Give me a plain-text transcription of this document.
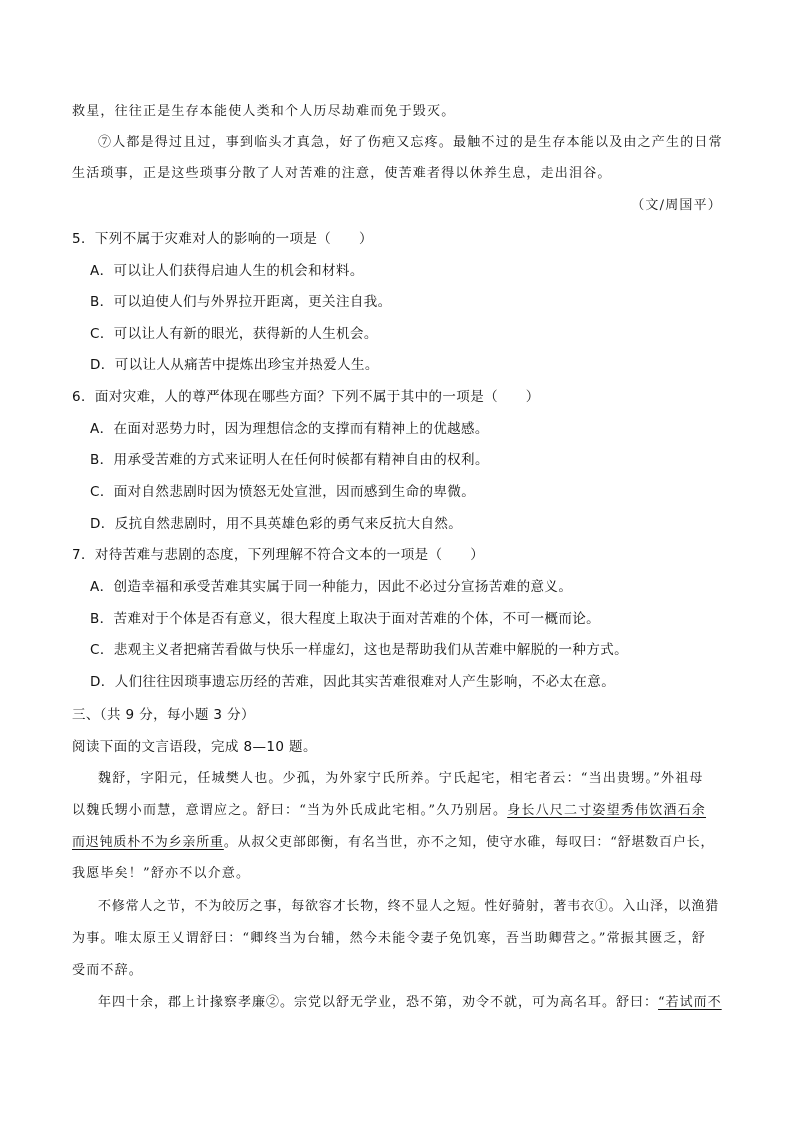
救星，往往正是生存本能使人类和个人历尽劫难而免于毁灭。
⑦人都是得过且过，事到临头才真急，好了伤疤又忘疼。最触不过的是生存本能以及由之产生的日常
生活琐事，正是这些琐事分散了人对苦难的注意，使苦难者得以休养生息，走出泪谷。
（文/周国平）
5．下列不属于灾难对人的影响的一项是（　　）
A．可以让人们获得启迪人生的机会和材料。
B．可以迫使人们与外界拉开距离，更关注自我。
C．可以让人有新的眼光，获得新的人生机会。
D．可以让人从痛苦中提炼出珍宝并热爱人生。
6．面对灾难，人的尊严体现在哪些方面？下列不属于其中的一项是（　　）
A．在面对恶势力时，因为理想信念的支撑而有精神上的优越感。
B．用承受苦难的方式来证明人在任何时候都有精神自由的权利。
C．面对自然悲剧时因为愤怒无处宣泄，因而感到生命的卑微。
D．反抗自然悲剧时，用不具英雄色彩的勇气来反抗大自然。
7．对待苦难与悲剧的态度，下列理解不符合文本的一项是（　　）
A．创造幸福和承受苦难其实属于同一种能力，因此不必过分宣扬苦难的意义。
B．苦难对于个体是否有意义，很大程度上取决于面对苦难的个体，不可一概而论。
C．悲观主义者把痛苦看做与快乐一样虚幻，这也是帮助我们从苦难中解脱的一种方式。
D．人们往往因琐事遗忘历经的苦难，因此其实苦难很难对人产生影响，不必太在意。
三、（共 9 分，每小题 3 分）
阅读下面的文言语段，完成 8—10 题。
魏舒，字阳元，任城樊人也。少孤，为外家宁氏所养。宁氏起宅，相宅者云：“当出贵甥。”外祖母
以魏氏甥小而慧，意谓应之。舒曰：“当为外氏成此宅相。”久乃别居。身长八尺二寸姿望秀伟饮酒石余
而迟钝质朴不为乡亲所重。从叔父吏部郎衡，有名当世，亦不之知，使守水碓，每叹曰：“舒堪数百户长，
我愿毕矣！”舒亦不以介意。
不修常人之节，不为皎厉之事，每欲容才长物，终不显人之短。性好骑射，著韦衣①。入山泽，以渔猎
为事。唯太原王乂谓舒曰：“卿终当为台辅，然今未能令妻子免饥寒，吾当助卿营之。”常振其匮乏，舒
受而不辞。
年四十余，郡上计掾察孝廉②。宗党以舒无学业，恐不第，劝令不就，可为高名耳。舒曰：“若试而不
